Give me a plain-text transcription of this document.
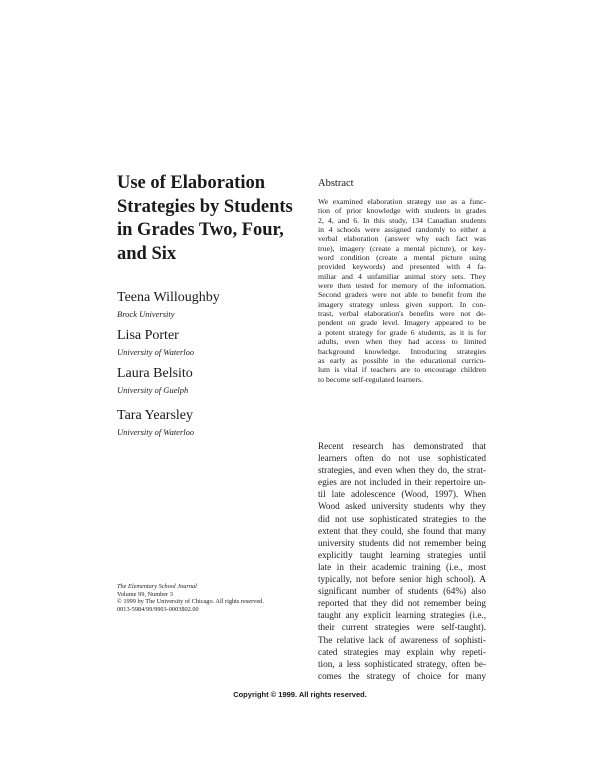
Use of Elaboration
Strategies by Students
in Grades Two, Four,
and Six
Teena Willoughby
Brock University
Lisa Porter
University of Waterloo
Laura Belsito
University of Guelph
Tara Yearsley
University of Waterloo
The Elementary School Journal
Volume 99, Number 3
© 1999 by The University of Chicago. All rights reserved.
0013-5984/99/9903-0003$02.00
Abstract
We examined elaboration strategy use as a func-
tion of prior knowledge with students in grades
2, 4, and 6. In this study, 134 Canadian students
in 4 schools were assigned randomly to either a
verbal elaboration (answer why each fact was
true), imagery (create a mental picture), or key-
word condition (create a mental picture using
provided keywords) and presented with 4 fa-
miliar and 4 unfamiliar animal story sets. They
were then tested for memory of the information.
Second graders were not able to benefit from the
imagery strategy unless given support. In con-
trast, verbal elaboration's benefits were not de-
pendent on grade level. Imagery appeared to be
a potent strategy for grade 6 students, as it is for
adults, even when they had access to limited
background knowledge. Introducing strategies
as early as possible in the educational curricu-
lum is vital if teachers are to encourage children
to become self-regulated learners.
Recent research has demonstrated that
learners often do not use sophisticated
strategies, and even when they do, the strat-
egies are not included in their repertoire un-
til late adolescence (Wood, 1997). When
Wood asked university students why they
did not use sophisticated strategies to the
extent that they could, she found that many
university students did not remember being
explicitly taught learning strategies until
late in their academic training (i.e., most
typically, not before senior high school). A
significant number of students (64%) also
reported that they did not remember being
taught any explicit learning strategies (i.e.,
their current strategies were self-taught).
The relative lack of awareness of sophisti-
cated strategies may explain why repeti-
tion, a less sophisticated strategy, often be-
comes the strategy of choice for many
Copyright © 1999. All rights reserved.
